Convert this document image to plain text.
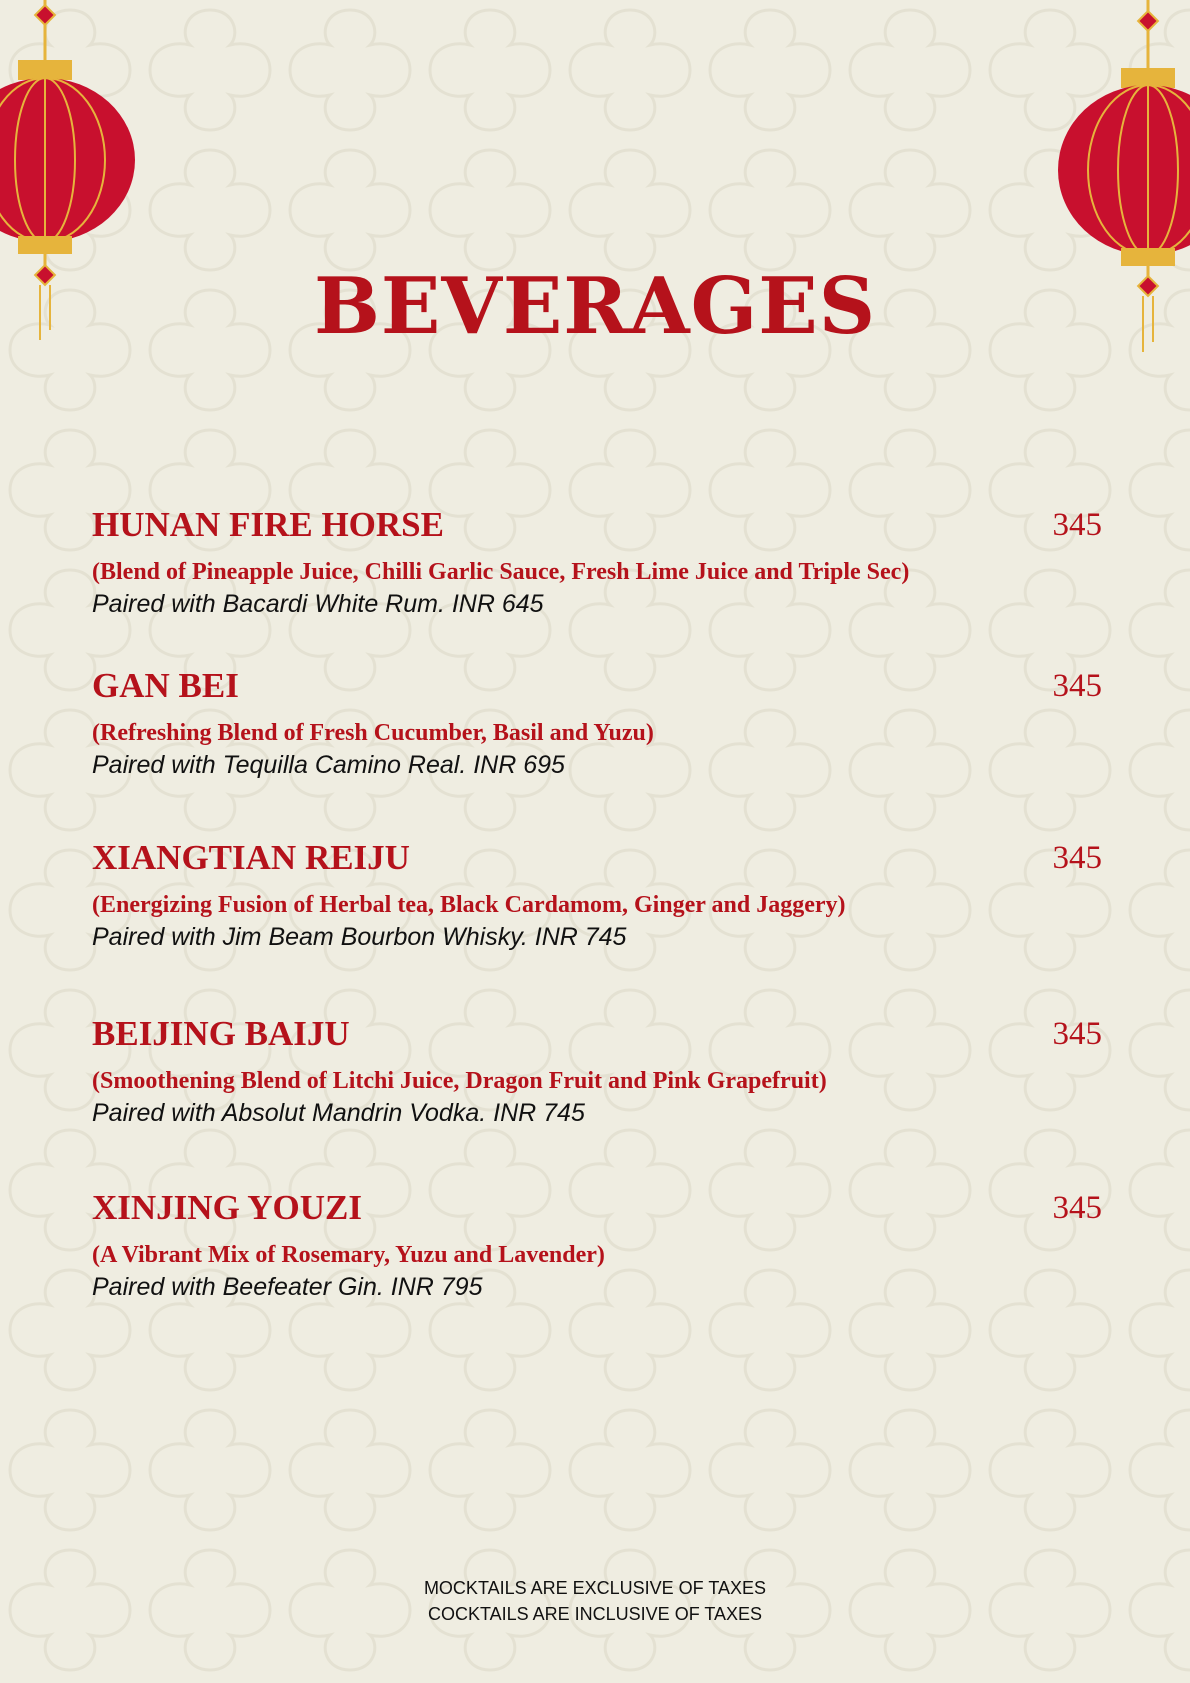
BEVERAGES
HUNAN FIRE HORSE	345
(Blend of Pineapple Juice, Chilli Garlic Sauce, Fresh Lime Juice and Triple Sec)
Paired with Bacardi White Rum. INR 645
GAN BEI	345
(Refreshing Blend of Fresh Cucumber, Basil and Yuzu)
Paired with Tequilla Camino Real. INR 695
XIANGTIAN REIJU	345
(Energizing Fusion of Herbal tea, Black Cardamom, Ginger and Jaggery)
Paired with Jim Beam Bourbon Whisky. INR 745
BEIJING BAIJU	345
(Smoothening Blend of Litchi Juice, Dragon Fruit and Pink Grapefruit)
Paired with Absolut Mandrin Vodka. INR 745
XINJING YOUZI	345
(A Vibrant Mix of Rosemary, Yuzu and Lavender)
Paired with Beefeater Gin. INR 795
MOCKTAILS ARE EXCLUSIVE OF TAXES
COCKTAILS ARE INCLUSIVE OF TAXES
